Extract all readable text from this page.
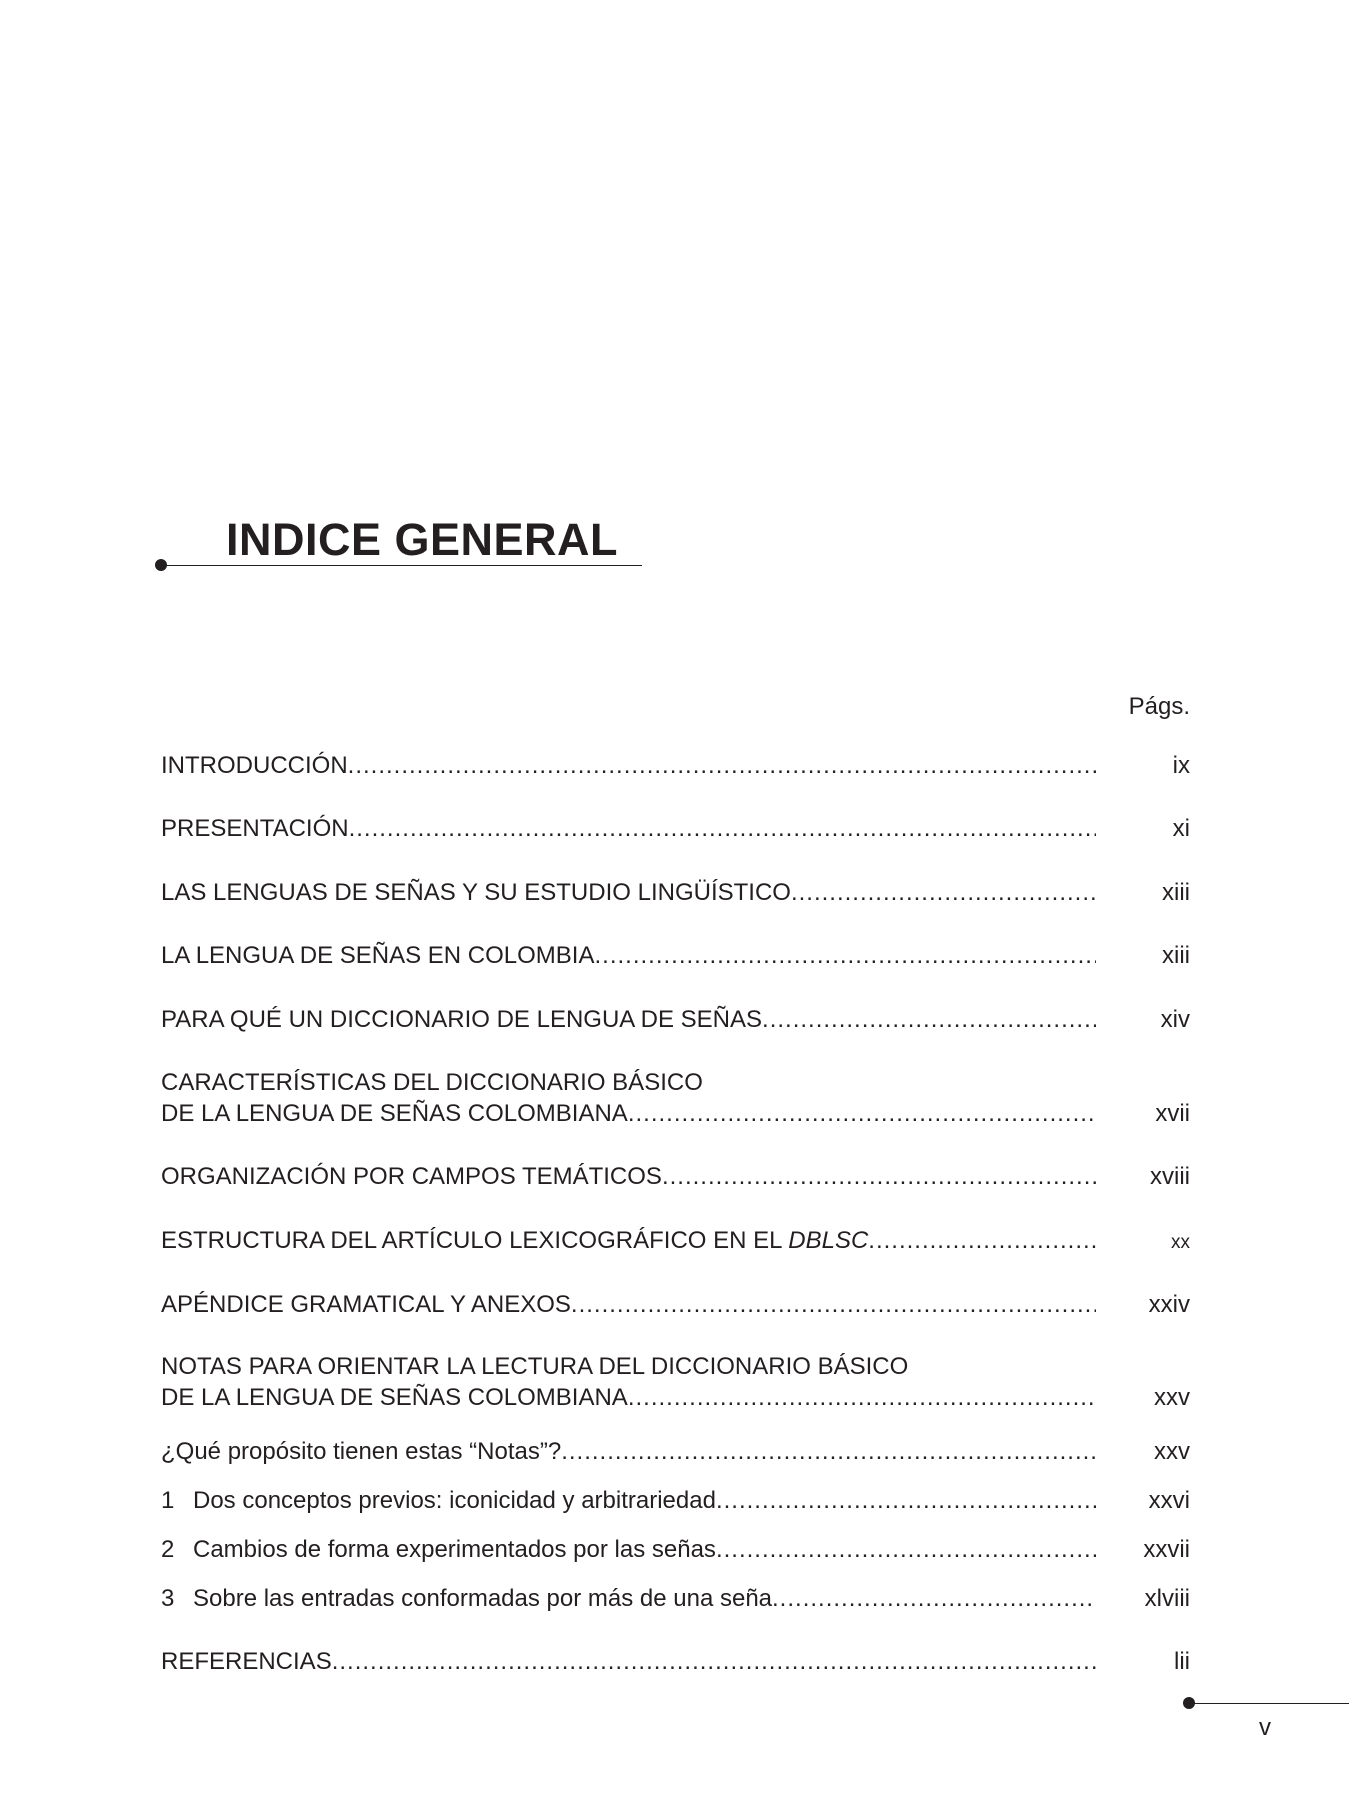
INDICE GENERAL
Págs.
INTRODUCCIÓN .....	ix
PRESENTACIÓN .....	xi
LAS LENGUAS DE SEÑAS Y SU ESTUDIO LINGÜÍSTICO .....	xiii
LA LENGUA DE SEÑAS EN COLOMBIA .....	xiii
PARA QUÉ UN DICCIONARIO DE LENGUA DE SEÑAS .....	xiv
CARACTERÍSTICAS DEL DICCIONARIO BÁSICO
DE LA LENGUA DE SEÑAS COLOMBIANA .....	xvii
ORGANIZACIÓN POR CAMPOS TEMÁTICOS .....	xviii
ESTRUCTURA DEL ARTÍCULO LEXICOGRÁFICO EN EL DBLSC .....	xx
APÉNDICE GRAMATICAL Y ANEXOS .....	xxiv
NOTAS PARA ORIENTAR LA LECTURA DEL DICCIONARIO BÁSICO
DE LA LENGUA DE SEÑAS COLOMBIANA .....	xxv
¿Qué propósito tienen estas “Notas”? .....	xxv
1 Dos conceptos previos: iconicidad y arbitrariedad .....	xxvi
2 Cambios de forma experimentados por las señas .....	xxvii
3 Sobre las entradas conformadas por más de una seña .....	xlviii
REFERENCIAS .....	lii
v
